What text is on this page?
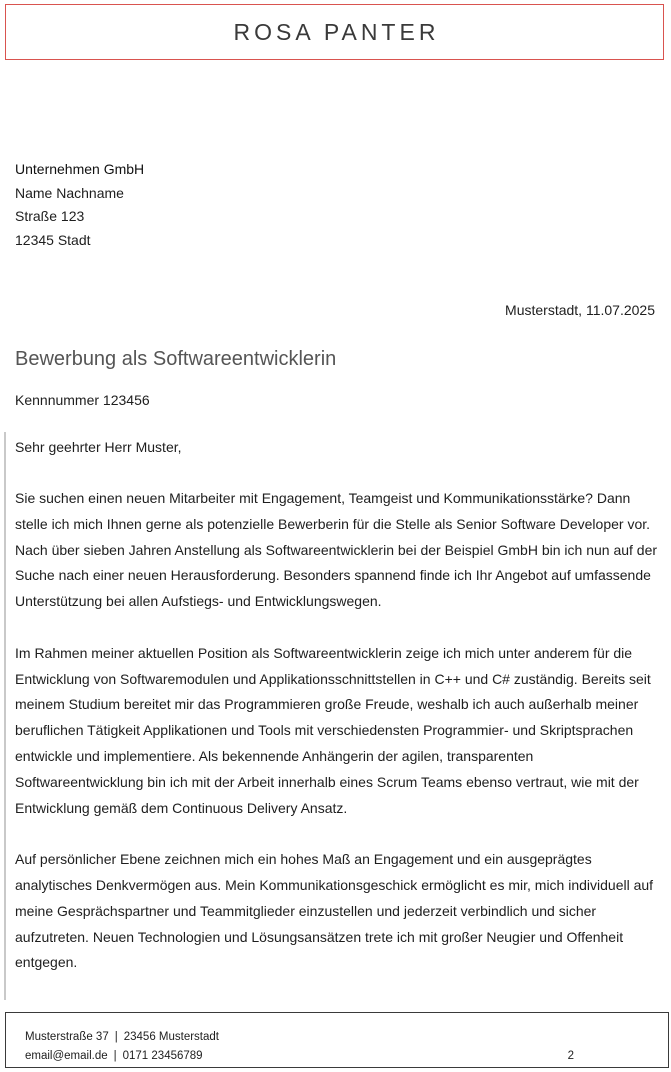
ROSA PANTER
Unternehmen GmbH
Name Nachname
Straße 123
12345 Stadt
Musterstadt, 11.07.2025
Bewerbung als Softwareentwicklerin
Kennnummer 123456
Sehr geehrter Herr Muster,

Sie suchen einen neuen Mitarbeiter mit Engagement, Teamgeist und Kommunikationsstärke? Dann stelle ich mich Ihnen gerne als potenzielle Bewerberin für die Stelle als Senior Software Developer vor. Nach über sieben Jahren Anstellung als Softwareentwicklerin bei der Beispiel GmbH bin ich nun auf der Suche nach einer neuen Herausforderung. Besonders spannend finde ich Ihr Angebot auf umfassende Unterstützung bei allen Aufstiegs- und Entwicklungswegen.

Im Rahmen meiner aktuellen Position als Softwareentwicklerin zeige ich mich unter anderem für die Entwicklung von Softwaremodulen und Applikationsschnittstellen in C++ und C# zuständig. Bereits seit meinem Studium bereitet mir das Programmieren große Freude, weshalb ich auch außerhalb meiner beruflichen Tätigkeit Applikationen und Tools mit verschiedensten Programmier- und Skriptsprachen entwickle und implementiere. Als bekennende Anhängerin der agilen, transparenten Softwareentwicklung bin ich mit der Arbeit innerhalb eines Scrum Teams ebenso vertraut, wie mit der Entwicklung gemäß dem Continuous Delivery Ansatz.

Auf persönlicher Ebene zeichnen mich ein hohes Maß an Engagement und ein ausgeprägtes analytisches Denkvermögen aus. Mein Kommunikationsgeschick ermöglicht es mir, mich individuell auf meine Gesprächspartner und Teammitglieder einzustellen und jederzeit verbindlich und sicher aufzutreten. Neuen Technologien und Lösungsansätzen trete ich mit großer Neugier und Offenheit entgegen.

Musterstraße 37 | 23456 Musterstadt
email@email.de | 0171 23456789	2
